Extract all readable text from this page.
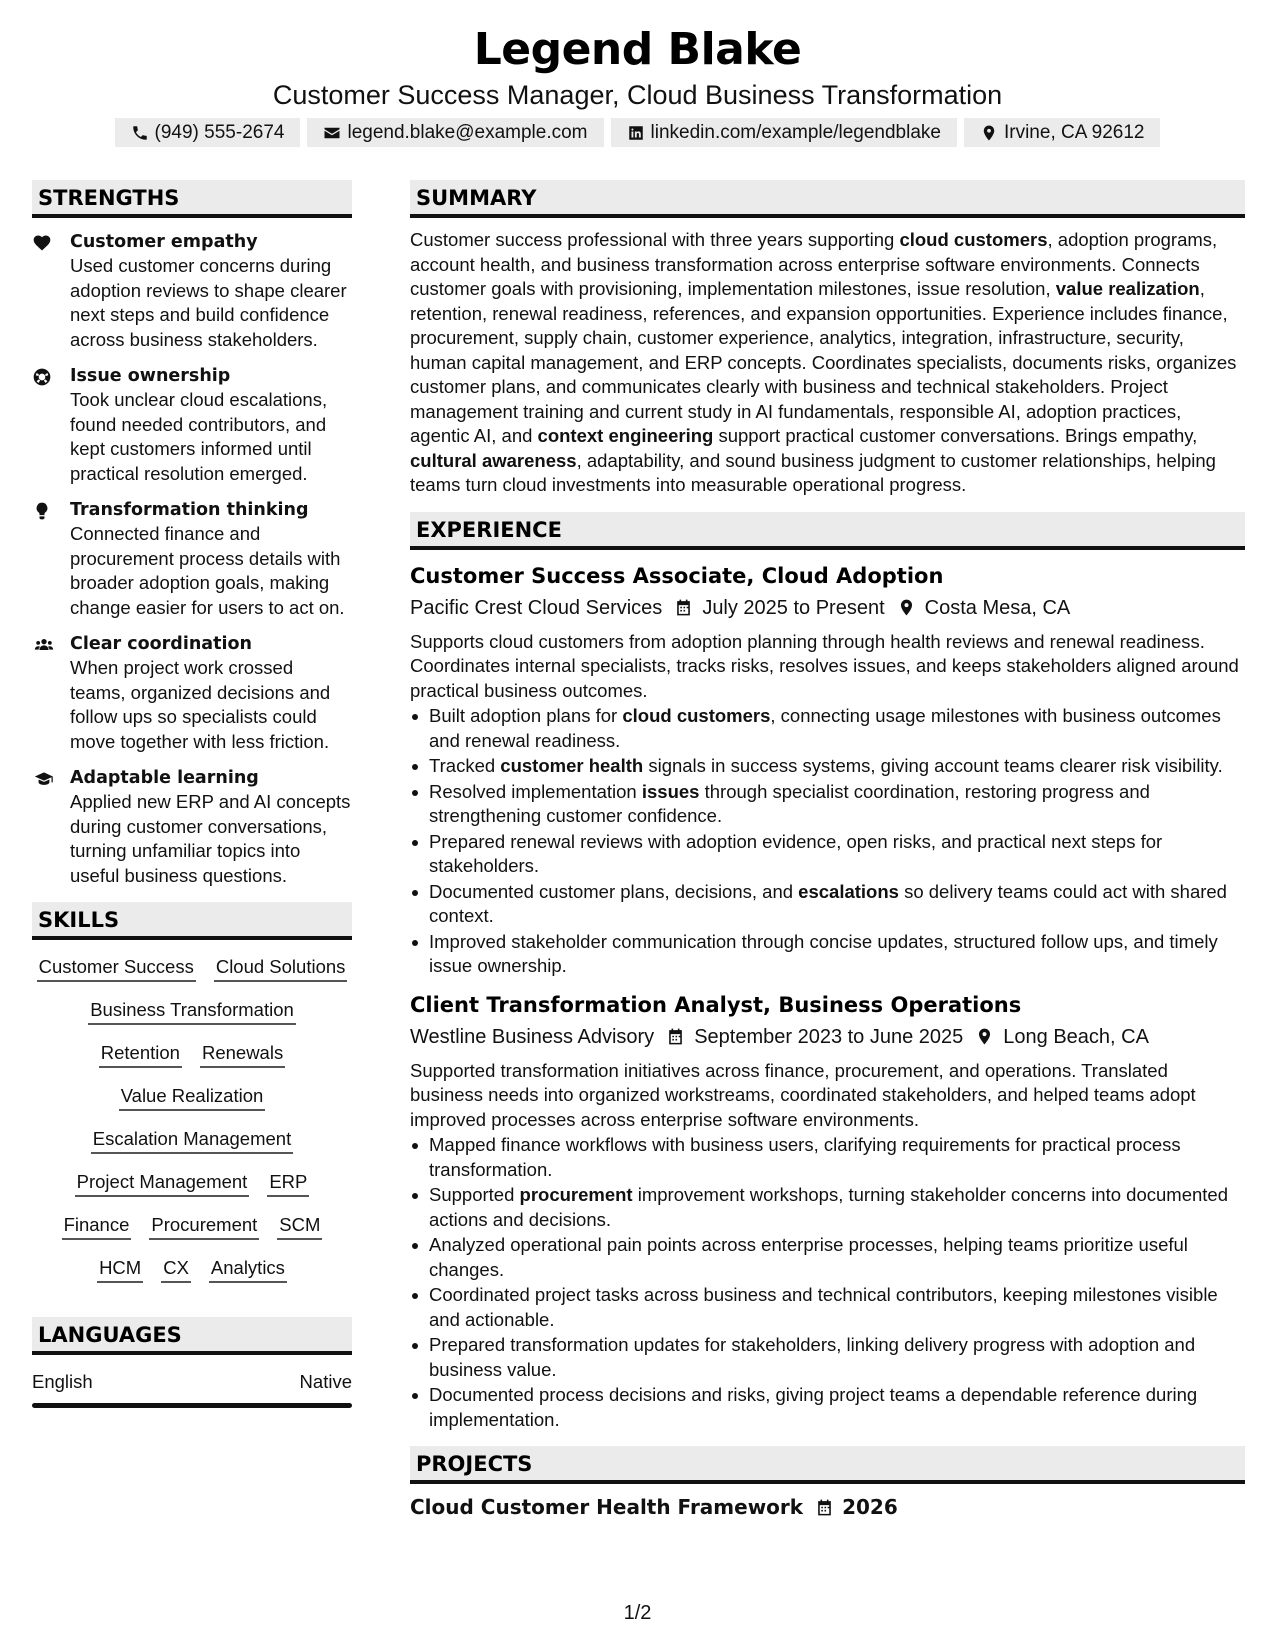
Legend Blake
Customer Success Manager, Cloud Business Transformation
(949) 555-2674	legend.blake@example.com	linkedin.com/example/legendblake	Irvine, CA 92612
STRENGTHS
Customer empathy
Used customer concerns during adoption reviews to shape clearer next steps and build confidence across business stakeholders.
Issue ownership
Took unclear cloud escalations, found needed contributors, and kept customers informed until practical resolution emerged.
Transformation thinking
Connected finance and procurement process details with broader adoption goals, making change easier for users to act on.
Clear coordination
When project work crossed teams, organized decisions and follow ups so specialists could move together with less friction.
Adaptable learning
Applied new ERP and AI concepts during customer conversations, turning unfamiliar topics into useful business questions.
SKILLS
Customer Success Cloud Solutions
Business Transformation
Retention Renewals
Value Realization
Escalation Management
Project Management ERP
Finance Procurement SCM
HCM CX Analytics
LANGUAGES
English	Native
SUMMARY

Customer success professional with three years supporting cloud customers, adoption programs, account health, and business transformation across enterprise software environments. Connects customer goals with provisioning, implementation milestones, issue resolution, value realization, retention, renewal readiness, references, and expansion opportunities. Experience includes finance, procurement, supply chain, customer experience, analytics, integration, infrastructure, security, human capital management, and ERP concepts. Coordinates specialists, documents risks, organizes customer plans, and communicates clearly with business and technical stakeholders. Project management training and current study in AI fundamentals, responsible AI, adoption practices, agentic AI, and context engineering support practical customer conversations. Brings empathy, cultural awareness, adaptability, and sound business judgment to customer relationships, helping teams turn cloud investments into measurable operational progress.

EXPERIENCE
Customer Success Associate, Cloud Adoption
Pacific Crest Cloud Services July 2025 to Present Costa Mesa, CA
Supports cloud customers from adoption planning through health reviews and renewal readiness. Coordinates internal specialists, tracks risks, resolves issues, and keeps stakeholders aligned around practical business outcomes.
Built adoption plans for cloud customers, connecting usage milestones with business outcomes and renewal readiness.
Tracked customer health signals in success systems, giving account teams clearer risk visibility.
Resolved implementation issues through specialist coordination, restoring progress and strengthening customer confidence.
Prepared renewal reviews with adoption evidence, open risks, and practical next steps for stakeholders.
Documented customer plans, decisions, and escalations so delivery teams could act with shared context.
Improved stakeholder communication through concise updates, structured follow ups, and timely issue ownership.
Client Transformation Analyst, Business Operations
Westline Business Advisory September 2023 to June 2025 Long Beach, CA
Supported transformation initiatives across finance, procurement, and operations. Translated business needs into organized workstreams, coordinated stakeholders, and helped teams adopt improved processes across enterprise software environments.
Mapped finance workflows with business users, clarifying requirements for practical process transformation.
Supported procurement improvement workshops, turning stakeholder concerns into documented actions and decisions.
Analyzed operational pain points across enterprise processes, helping teams prioritize useful changes.
Coordinated project tasks across business and technical contributors, keeping milestones visible and actionable.
Prepared transformation updates for stakeholders, linking delivery progress with adoption and business value.
Documented process decisions and risks, giving project teams a dependable reference during implementation.
PROJECTS
Cloud Customer Health Framework 2026
1/2
